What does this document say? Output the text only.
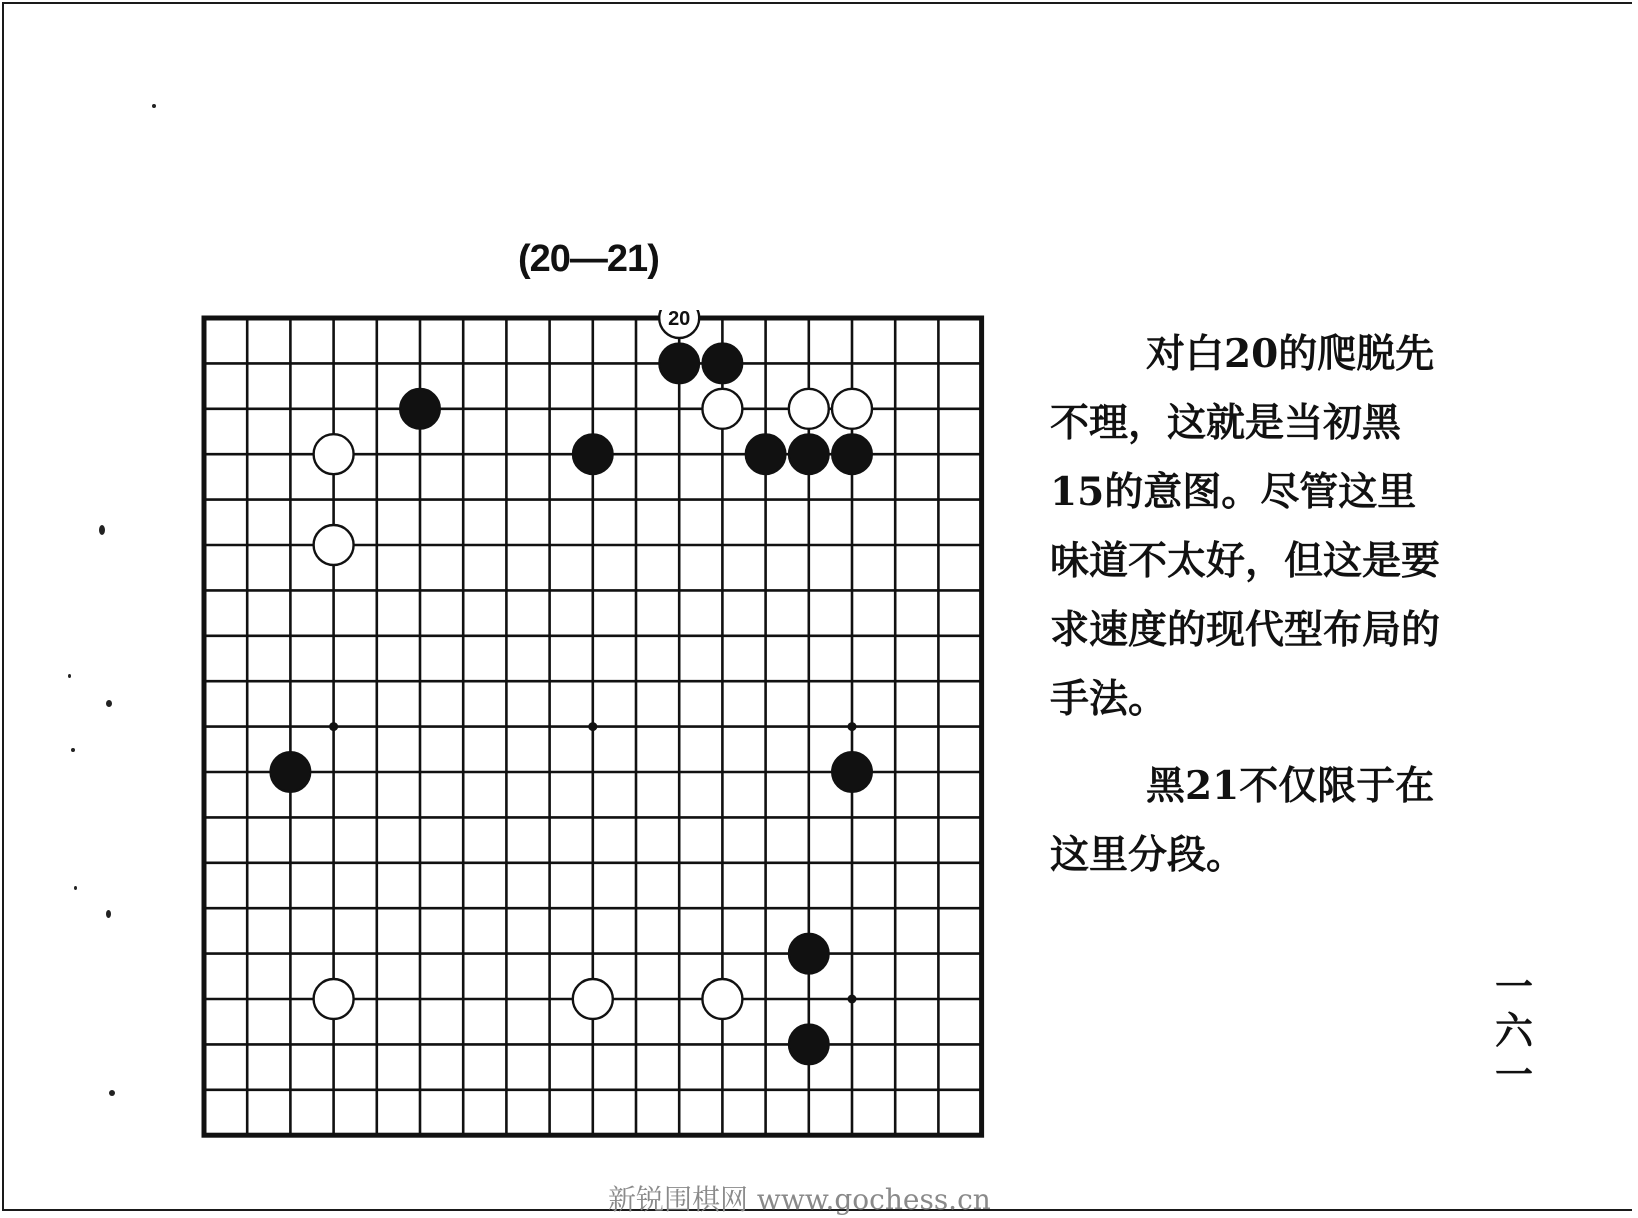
(20—21)
20

对白20的爬脱先不理，这就是当初黑15的意图。尽管这里味道不太好，但这是要求速度的现代型布局的手法。

黑21不仅限于在这里分段。

一
六
一
新锐围棋网 www.gochess.cn
